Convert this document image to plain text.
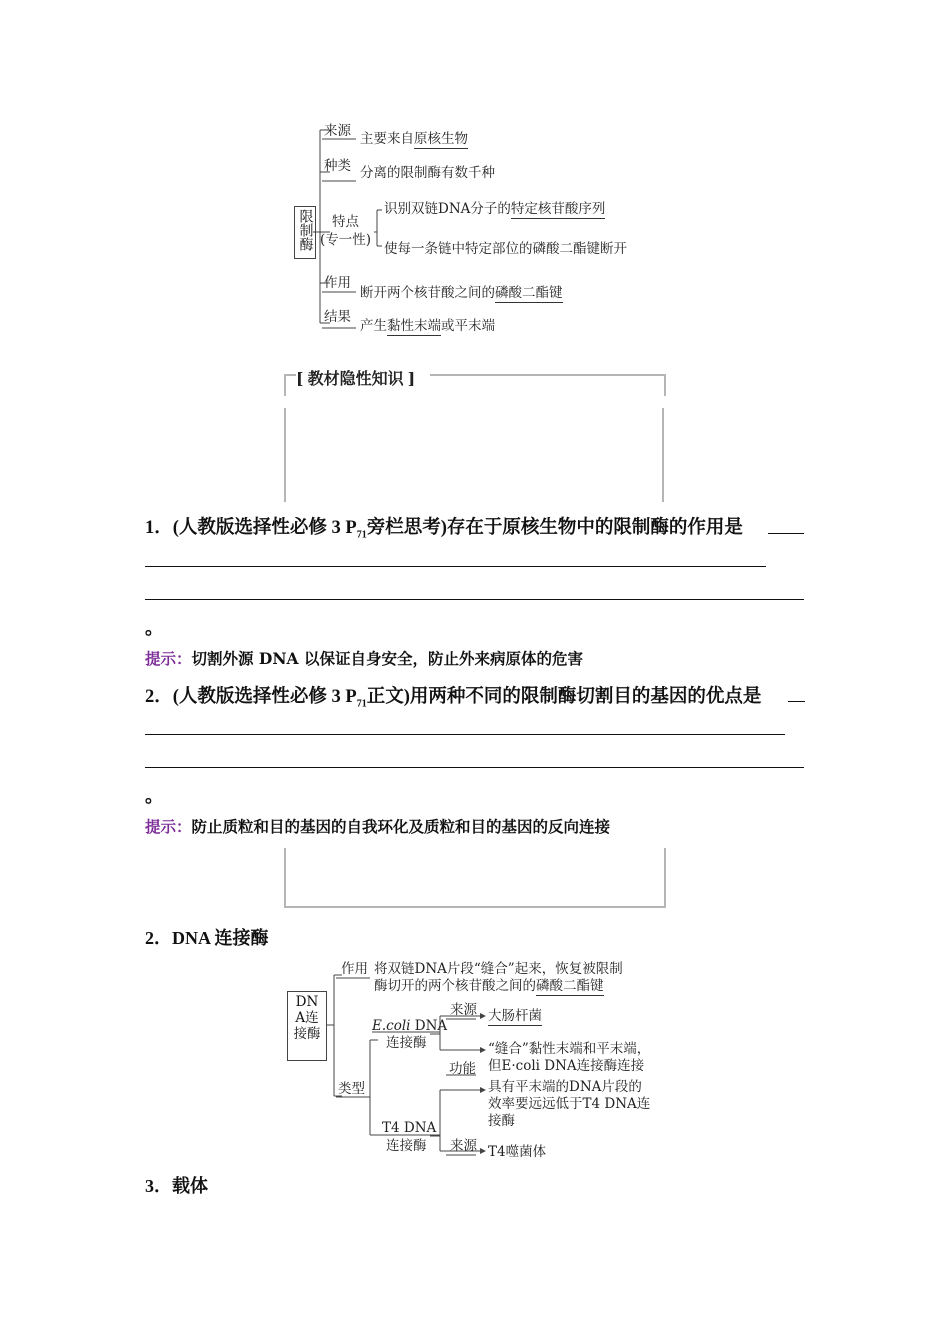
限制酶
来源 主要来自原核生物
种类 分离的限制酶有数千种
特点
(专一性)
识别双链DNA分子的特定核苷酸序列
使每一条链中特定部位的磷酸二酯键断开
作用
断开两个核苷酸之间的磷酸二酯键
结果
产生黏性末端或平末端
[ 教材隐性知识 ]
1．(人教版选择性必修 3 $P_{71}$旁栏思考)存在于原核生物中的限制酶的作用是
。
提示：切割外源 DNA 以保证自身安全，防止外来病原体的危害
2．(人教版选择性必修 3 $P_{71}$正文)用两种不同的限制酶切割目的基因的优点是
。
提示：防止质粒和目的基因的自我环化及质粒和目的基因的反向连接
2．DNA 连接酶
DNA连接酶
作用 将双链DNA片段“缝合”起来，恢复被限制
酶切开的两个核苷酸之间的磷酸二酯键
类型
E.coli DNA
连接酶
来源 大肠杆菌
“缝合”黏性末端和平末端，
但E·coli DNA连接酶连接
功能
具有平末端的DNA片段的
效率要远远低于T4 DNA连
接酶
T4 DNA
连接酶 来源 T4噬菌体
3．载体
